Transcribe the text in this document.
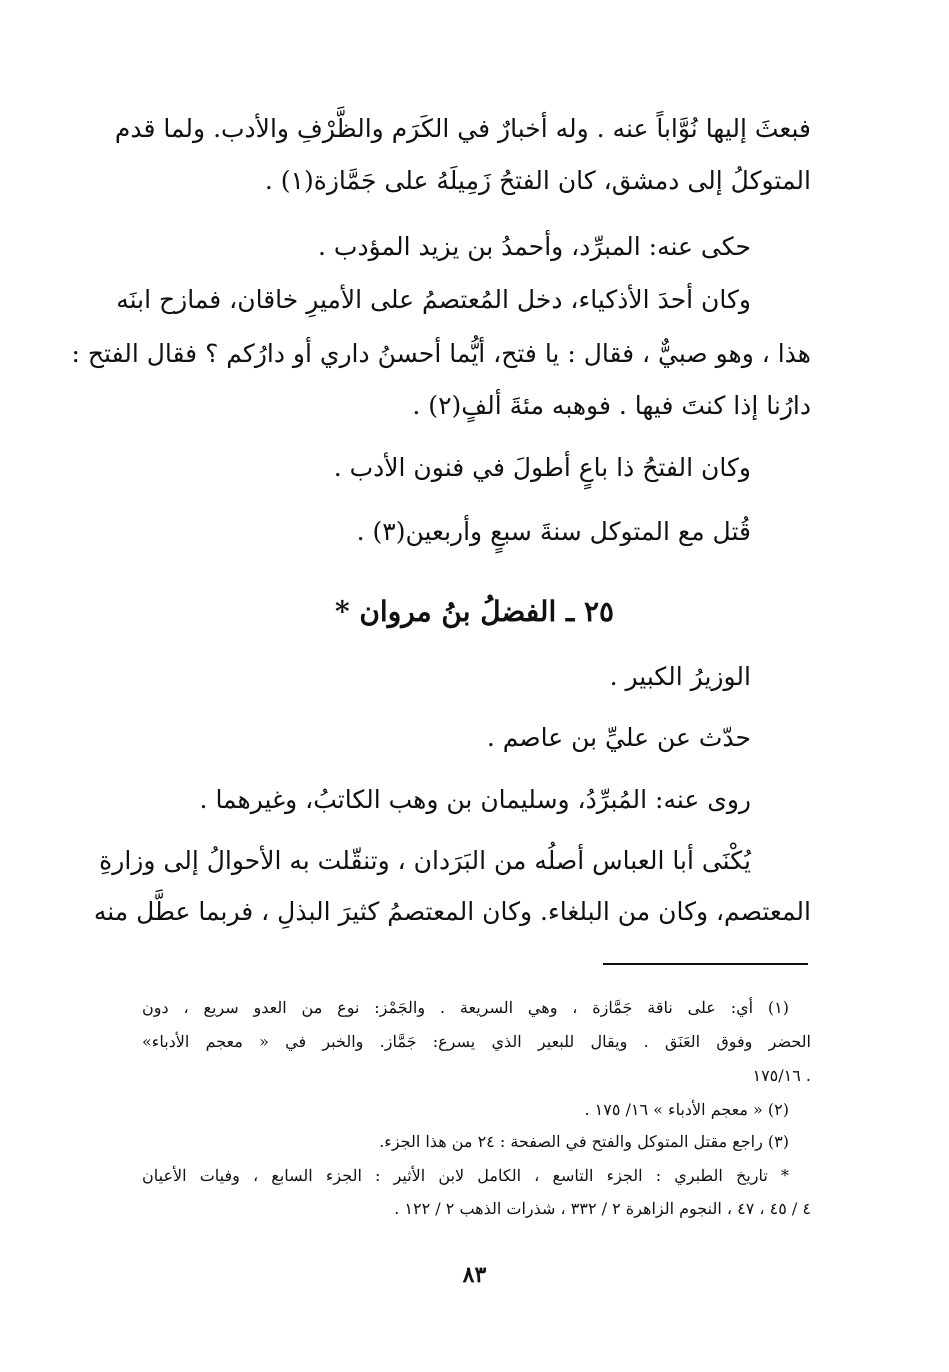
فبعثَ إليها نُوَّاباً عنه . وله أخبارٌ في الكَرَم والظَّرْفِ والأدب. ولما قدم
المتوكلُ إلى دمشق، كان الفتحُ زَمِيلَهُ على جَمَّازة(١) .
حكى عنه: المبرِّد، وأحمدُ بن يزيد المؤدب .
وكان أحدَ الأذكياء، دخل المُعتصمُ على الأميرِ خاقان، فمازح ابنَه
هذا ، وهو صبيٌّ ، فقال : يا فتح، أيُّما أحسنُ داري أو دارُكم ؟ فقال الفتح :
دارُنا إذا كنتَ فيها . فوهبه مئةَ ألفٍ(٢) .
وكان الفتحُ ذا باعٍ أطولَ في فنون الأدب .
قُتل مع المتوكل سنةَ سبعٍ وأربعين(٣) .
٢٥ ـ الفضلُ بنُ مروان *
الوزيرُ الكبير .
حدّث عن عليِّ بن عاصم .
روى عنه: المُبرِّدُ، وسليمان بن وهب الكاتبُ، وغيرهما .
يُكْنَى أبا العباس أصلُه من البَرَدان ، وتنقّلت به الأحوالُ إلى وزارةِ
المعتصم، وكان من البلغاء. وكان المعتصمُ كثيرَ البذلِ ، فربما عطَّل منه
(١) أي: على ناقة جَمَّازة ، وهي السريعة . والجَمْز: نوع من العدو سريع ، دون
الحضر وفوق العَنَق . ويقال للبعير الذي يسرع: جَمَّاز. والخبر في « معجم الأدباء»
. ١٧٥/١٦
(٢) « معجم الأدباء » ١٦/ ١٧٥ .
(٣) راجع مقتل المتوكل والفتح في الصفحة : ٢٤ من هذا الجزء.
* تاريخ الطبري : الجزء التاسع ، الكامل لابن الأثير : الجزء السابع ، وفيات الأعيان
٤ / ٤٥ ، ٤٧ ، النجوم الزاهرة ٢ / ٣٣٢ ، شذرات الذهب ٢ / ١٢٢ .
٨٣
